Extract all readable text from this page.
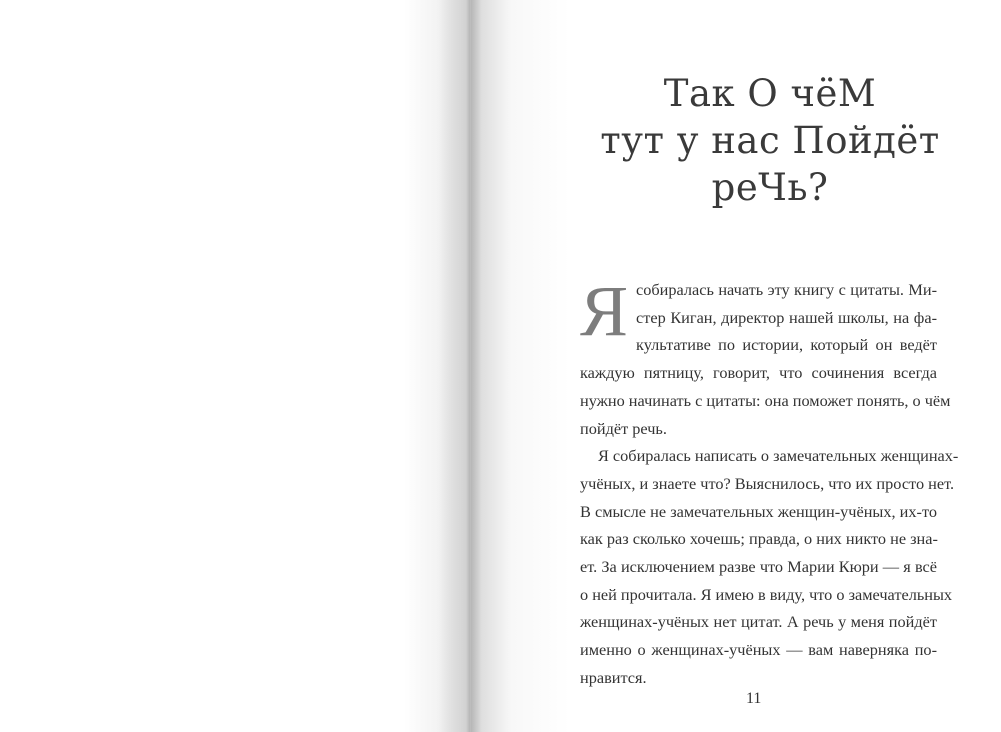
Так О чёМ
тут у нас Пойдёт
реЧь?
Я собиралась начать эту книгу с цитаты. Ми-
стер Киган, директор нашей школы, на фа-
культативе по истории, который он ведёт
каждую пятницу, говорит, что сочинения всегда
нужно начинать с цитаты: она поможет понять, о чём
пойдёт речь.
Я собиралась написать о замечательных женщинах-
учёных, и знаете что? Выяснилось, что их просто нет.
В смысле не замечательных женщин-учёных, их-то
как раз сколько хочешь; правда, о них никто не зна-
ет. За исключением разве что Марии Кюри — я всё
о ней прочитала. Я имею в виду, что о замечательных
женщинах-учёных нет цитат. А речь у меня пойдёт
именно о женщинах-учёных — вам наверняка по-
нравится.
11
